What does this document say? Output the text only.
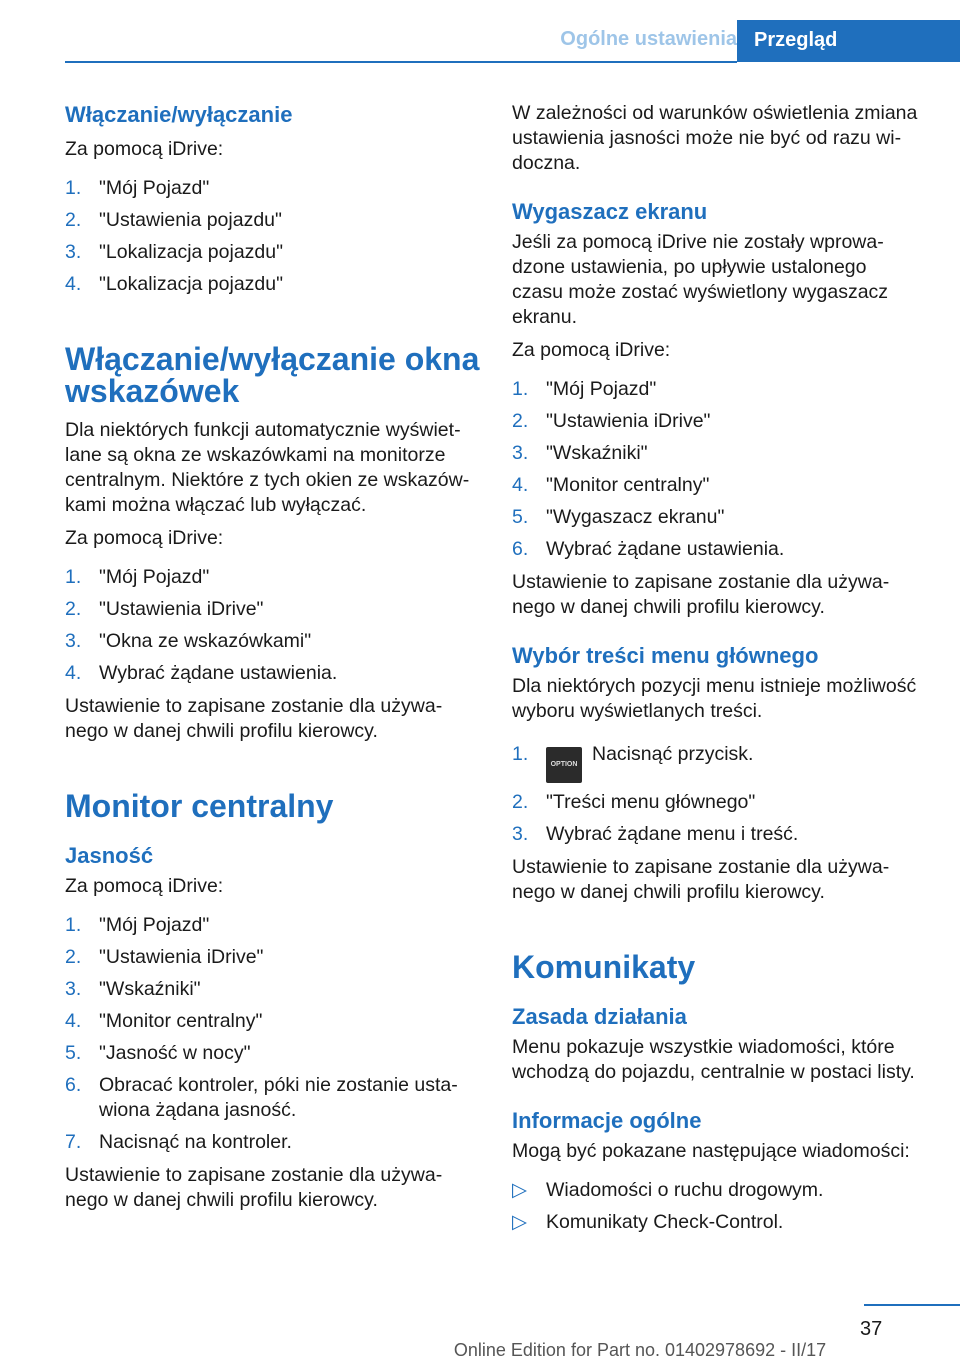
Ogólne ustawienia Przegląd

Włączanie/wyłączanie

Za pomocą iDrive:

1. "Mój Pojazd"
2. "Ustawienia pojazdu"
3. "Lokalizacja pojazdu"
4. "Lokalizacja pojazdu"

Włączanie/wyłączanie okna

wskazówek

Dla niektórych funkcji automatycznie wyświet-

lane są okna ze wskazówkami na monitorze

centralnym. Niektóre z tych okien ze wskazów-

kami można włączać lub wyłączać.

Za pomocą iDrive:

1. "Mój Pojazd"
2. "Ustawienia iDrive"
3. "Okna ze wskazówkami"
4. Wybrać żądane ustawienia.

Ustawienie to zapisane zostanie dla używa-

nego w danej chwili profilu kierowcy.

Monitor centralny

Jasność

Za pomocą iDrive:

1. "Mój Pojazd"
2. "Ustawienia iDrive"
3. "Wskaźniki"
4. "Monitor centralny"
5. "Jasność w nocy"
6. Obracać kontroler, póki nie zostanie usta-
wiona żądana jasność.
7. Nacisnąć na kontroler.

Ustawienie to zapisane zostanie dla używa-

nego w danej chwili profilu kierowcy.

W zależności od warunków oświetlenia zmiana

ustawienia jasności może nie być od razu wi-

doczna.

Wygaszacz ekranu

Jeśli za pomocą iDrive nie zostały wprowa-

dzone ustawienia, po upływie ustalonego

czasu może zostać wyświetlony wygaszacz

ekranu.

Za pomocą iDrive:

1. "Mój Pojazd"
2. "Ustawienia iDrive"
3. "Wskaźniki"
4. "Monitor centralny"
5. "Wygaszacz ekranu"
6. Wybrać żądane ustawienia.

Ustawienie to zapisane zostanie dla używa-

nego w danej chwili profilu kierowcy.

Wybór treści menu głównego

Dla niektórych pozycji menu istnieje możliwość

wyboru wyświetlanych treści.

1.	OPTION Nacisnąć przycisk.
2. "Treści menu głównego"
3. Wybrać żądane menu i treść.

Ustawienie to zapisane zostanie dla używa-

nego w danej chwili profilu kierowcy.

Komunikaty

Zasada działania

Menu pokazuje wszystkie wiadomości, które

wchodzą do pojazdu, centralnie w postaci listy.

Informacje ogólne

Mogą być pokazane następujące wiadomości:

▷ Wiadomości o ruchu drogowym.
▷ Komunikaty Check-Control.
37
Online Edition for Part no. 01402978692 - II/17
